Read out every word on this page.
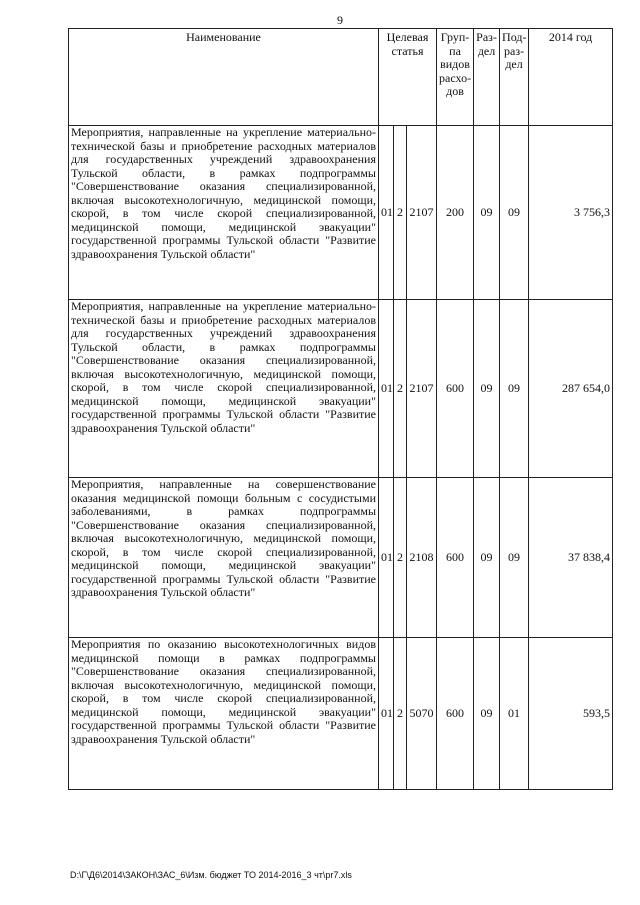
9
Наименование	Целевая статья			Груп-па видов расхо-дов	Раз-дел	Под-раз-дел	2014 год
Мероприятия, направленные на укрепление материально-технической базы и приобретение расходных материалов для государственных учреждений здравоохранения Тульской области, в рамках подпрограммы "Совершенствование оказания специализированной, включая высокотехнологичную, медицинской помощи, скорой, в том числе скорой специализированной, медицинской помощи, медицинской эвакуации" государственной программы Тульской области "Развитие здравоохранения Тульской области"	01	2	2107	200	09	09	3 756,3
Мероприятия, направленные на укрепление материально-технической базы и приобретение расходных материалов для государственных учреждений здравоохранения Тульской области, в рамках подпрограммы "Совершенствование оказания специализированной, включая высокотехнологичную, медицинской помощи, скорой, в том числе скорой специализированной, медицинской помощи, медицинской эвакуации" государственной программы Тульской области "Развитие здравоохранения Тульской области"	01	2	2107	600	09	09	287 654,0
Мероприятия, направленные на совершенствование оказания медицинской помощи больным с сосудистыми заболеваниями, в рамках подпрограммы "Совершенствование оказания специализированной, включая высокотехнологичную, медицинской помощи, скорой, в том числе скорой специализированной, медицинской помощи, медицинской эвакуации" государственной программы Тульской области "Развитие здравоохранения Тульской области"	01	2	2108	600	09	09	37 838,4
Мероприятия по оказанию высокотехнологичных видов медицинской помощи в рамках подпрограммы "Совершенствование оказания специализированной, включая высокотехнологичную, медицинской помощи, скорой, в том числе скорой специализированной, медицинской помощи, медицинской эвакуации" государственной программы Тульской области "Развитие здравоохранения Тульской области"	01	2	5070	600	09	01	593,5
D:\Г\Д6\2014\ЗАКОН\ЗАС_6\Изм. бюджет ТО 2014-2016_3 чт\pr7.xls
